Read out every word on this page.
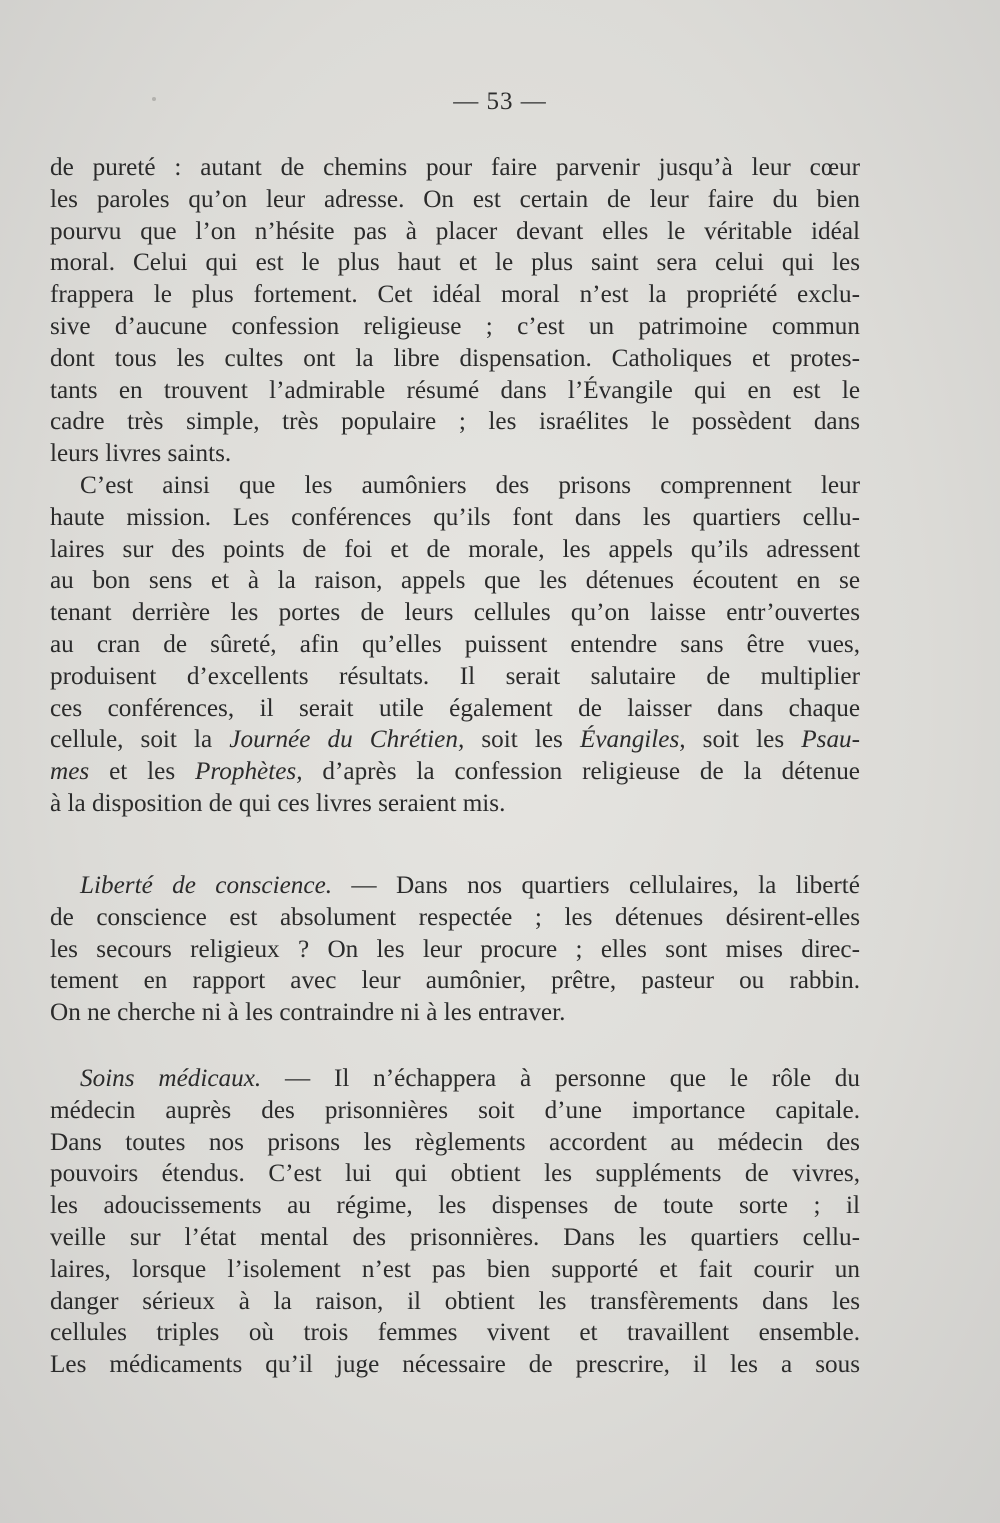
— 53 —
de pureté : autant de chemins pour faire parvenir jusqu’à leur cœur
les paroles qu’on leur adresse. On est certain de leur faire du bien
pourvu que l’on n’hésite pas à placer devant elles le véritable idéal
moral. Celui qui est le plus haut et le plus saint sera celui qui les
frappera le plus fortement. Cet idéal moral n’est la propriété exclu-
sive d’aucune confession religieuse ; c’est un patrimoine commun
dont tous les cultes ont la libre dispensation. Catholiques et protes-
tants en trouvent l’admirable résumé dans l’Évangile qui en est le
cadre très simple, très populaire ; les israélites le possèdent dans
leurs livres saints.
C’est ainsi que les aumôniers des prisons comprennent leur
haute mission. Les conférences qu’ils font dans les quartiers cellu-
laires sur des points de foi et de morale, les appels qu’ils adressent
au bon sens et à la raison, appels que les détenues écoutent en se
tenant derrière les portes de leurs cellules qu’on laisse entr’ouvertes
au cran de sûreté, afin qu’elles puissent entendre sans être vues,
produisent d’excellents résultats. Il serait salutaire de multiplier
ces conférences, il serait utile également de laisser dans chaque
cellule, soit la Journée du Chrétien, soit les Évangiles, soit les Psau-
mes et les Prophètes, d’après la confession religieuse de la détenue
à la disposition de qui ces livres seraient mis.
Liberté de conscience. — Dans nos quartiers cellulaires, la liberté
de conscience est absolument respectée ; les détenues désirent-elles
les secours religieux ? On les leur procure ; elles sont mises direc-
tement en rapport avec leur aumônier, prêtre, pasteur ou rabbin.
On ne cherche ni à les contraindre ni à les entraver.
Soins médicaux. — Il n’échappera à personne que le rôle du
médecin auprès des prisonnières soit d’une importance capitale.
Dans toutes nos prisons les règlements accordent au médecin des
pouvoirs étendus. C’est lui qui obtient les suppléments de vivres,
les adoucissements au régime, les dispenses de toute sorte ; il
veille sur l’état mental des prisonnières. Dans les quartiers cellu-
laires, lorsque l’isolement n’est pas bien supporté et fait courir un
danger sérieux à la raison, il obtient les transfèrements dans les
cellules triples où trois femmes vivent et travaillent ensemble.
Les médicaments qu’il juge nécessaire de prescrire, il les a sous
